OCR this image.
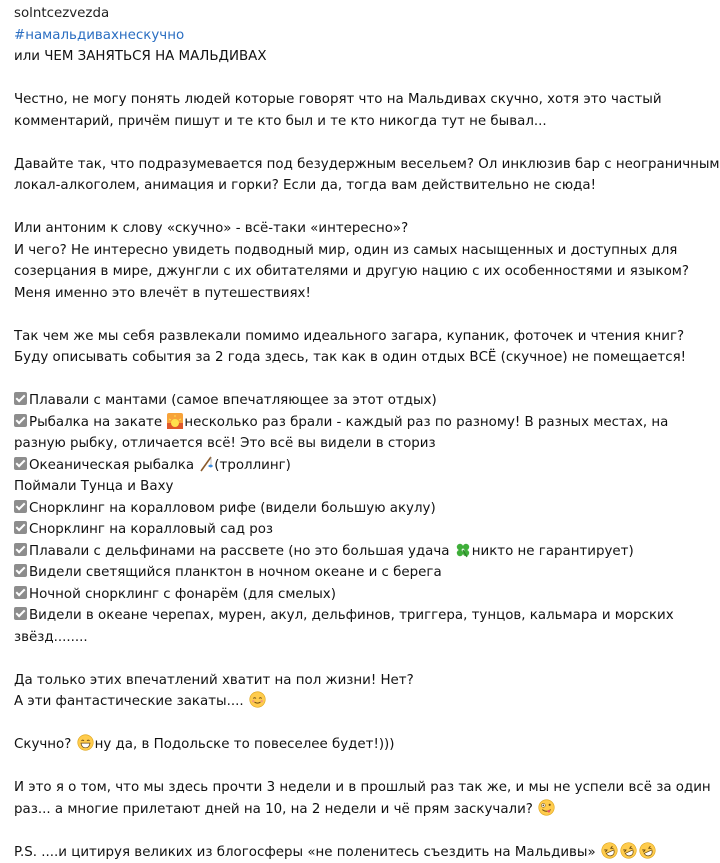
solntcezvezda
#намальдивахнескучно
или ЧЕМ ЗАНЯТЬСЯ НА МАЛЬДИВАХ
Честно, не могу понять людей которые говорят что на Мальдивах скучно, хотя это частый
комментарий, причём пишут и те кто был и те кто никогда тут не бывал...
Давайте так, что подразумевается под безудержным весельем? Ол инклюзив бар с неограничным
локал-алкоголем, анимация и горки? Если да, тогда вам действительно не сюда!
Или антоним к слову «скучно» - всё-таки «интересно»?
И чего? Не интересно увидеть подводный мир, один из самых насыщенных и доступных для
созерцания в мире, джунгли с их обитателями и другую нацию с их особенностями и языком?
Меня именно это влечёт в путешествиях!
Так чем же мы себя развлекали помимо идеального загара, купаник, фоточек и чтения книг?
Буду описывать события за 2 года здесь, так как в один отдых ВСЁ (скучное) не помещается!
Плавали с мантами (самое впечатляющее за этот отдых)
Рыбалка на закате несколько раз брали - каждый раз по разному! В разных местах, на
разную рыбку, отличается всё! Это всё вы видели в сториз
Океаническая рыбалка (троллинг)
Поймали Тунца и Ваху
Снорклинг на коралловом рифе (видели большую акулу)
Снорклинг на коралловый сад роз
Плавали с дельфинами на рассвете (но это большая удача никто не гарантирует)
Видели светящийся планктон в ночном океане и с берега
Ночной снорклинг с фонарём (для смелых)
Видели в океане черепах, мурен, акул, дельфинов, триггера, тунцов, кальмара и морских
звёзд........
Да только этих впечатлений хватит на пол жизни! Нет?
А эти фантастические закаты....
Скучно? ну да, в Подольске то повеселее будет!)))
И это я о том, что мы здесь прочти 3 недели и в прошлый раз так же, и мы не успели всё за один
раз... а многие прилетают дней на 10, на 2 недели и чё прям заскучали?
P.S. ....и цитируя великих из блогосферы «не поленитесь съездить на Мальдивы»
